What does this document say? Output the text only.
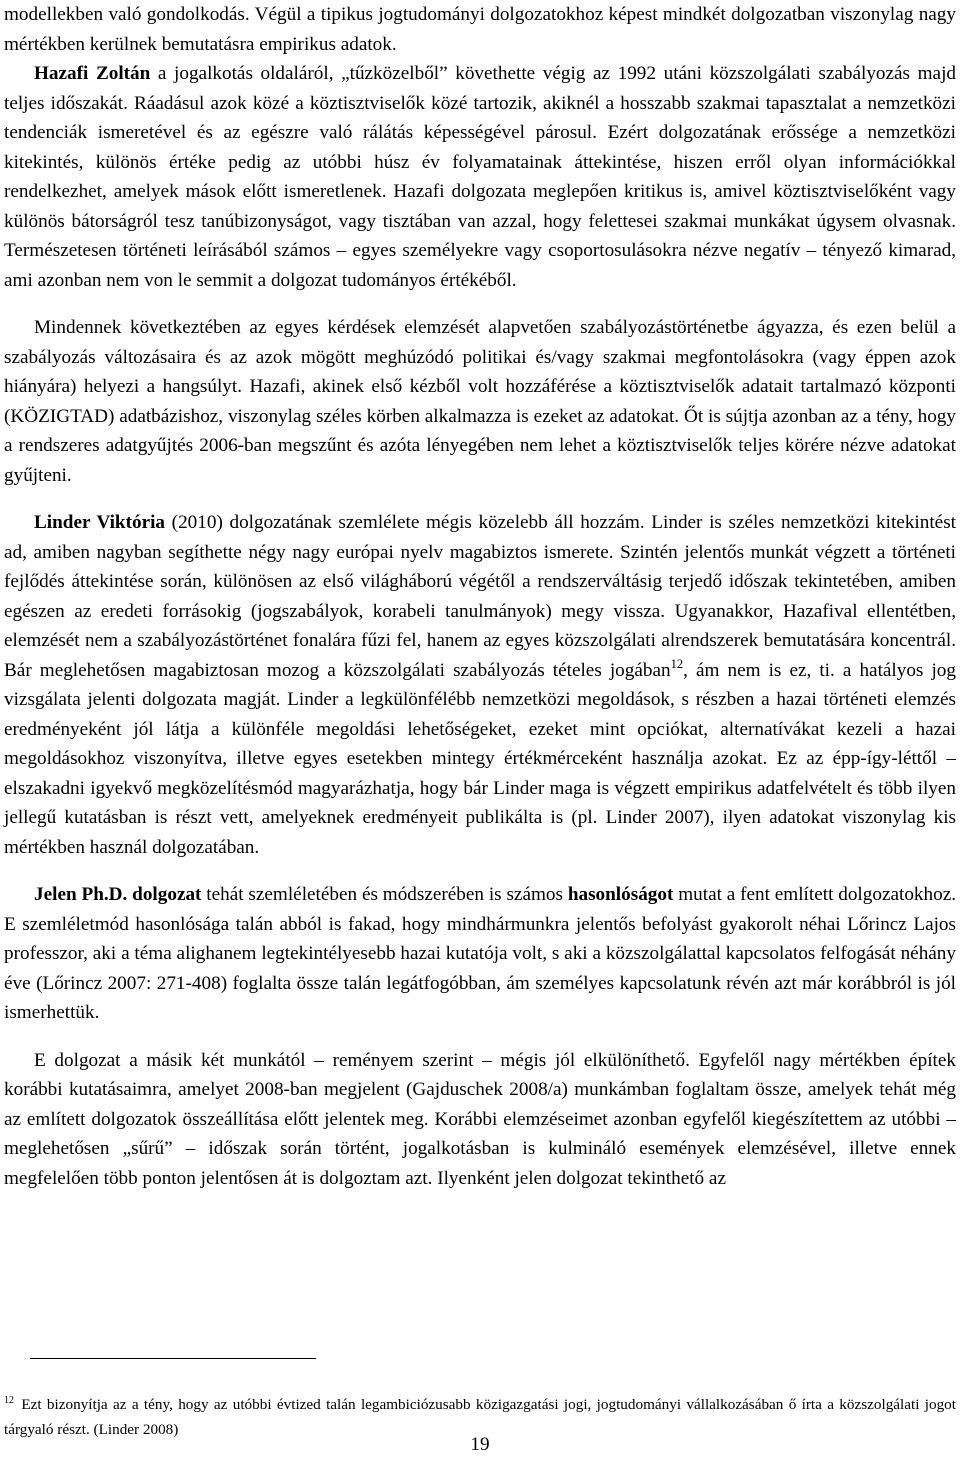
modellekben való gondolkodás. Végül a tipikus jogtudományi dolgozatokhoz képest mindkét dolgozatban viszonylag nagy mértékben kerülnek bemutatásra empirikus adatok.

Hazafi Zoltán a jogalkotás oldaláról, „tűzközelből” követhette végig az 1992 utáni közszolgálati szabályozás majd teljes időszakát. Ráadásul azok közé a köztisztviselők közé tartozik, akiknél a hosszabb szakmai tapasztalat a nemzetközi tendenciák ismeretével és az egészre való rálátás képességével párosul. Ezért dolgozatának erőssége a nemzetközi kitekintés, különös értéke pedig az utóbbi húsz év folyamatainak áttekintése, hiszen erről olyan információkkal rendelkezhet, amelyek mások előtt ismeretlenek. Hazafi dolgozata meglepően kritikus is, amivel köztisztviselőként vagy különös bátorságról tesz tanúbizonyságot, vagy tisztában van azzal, hogy felettesei szakmai munkákat úgysem olvasnak. Természetesen történeti leírásából számos – egyes személyekre vagy csoportosulásokra nézve negatív – tényező kimarad, ami azonban nem von le semmit a dolgozat tudományos értékéből.

Mindennek következtében az egyes kérdések elemzését alapvetően szabályozástörténetbe ágyazza, és ezen belül a szabályozás változásaira és az azok mögött meghúzódó politikai és/vagy szakmai megfontolásokra (vagy éppen azok hiányára) helyezi a hangsúlyt. Hazafi, akinek első kézből volt hozzáférése a köztisztviselők adatait tartalmazó központi (KÖZIGTAD) adatbázishoz, viszonylag széles körben alkalmazza is ezeket az adatokat. Őt is sújtja azonban az a tény, hogy a rendszeres adatgyűjtés 2006-ban megszűnt és azóta lényegében nem lehet a köztisztviselők teljes körére nézve adatokat gyűjteni.

Linder Viktória (2010) dolgozatának szemlélete mégis közelebb áll hozzám. Linder is széles nemzetközi kitekintést ad, amiben nagyban segíthette négy nagy európai nyelv magabiztos ismerete. Szintén jelentős munkát végzett a történeti fejlődés áttekintése során, különösen az első világháború végétől a rendszerváltásig terjedő időszak tekintetében, amiben egészen az eredeti forrásokig (jogszabályok, korabeli tanulmányok) megy vissza. Ugyanakkor, Hazafival ellentétben, elemzését nem a szabályozástörténet fonalára fűzi fel, hanem az egyes közszolgálati alrendszerek bemutatására koncentrál. Bár meglehetősen magabiztosan mozog a közszolgálati szabályozás tételes jogában$^{12}$, ám nem is ez, ti. a hatályos jog vizsgálata jelenti dolgozata magját. Linder a legkülönfélébb nemzetközi megoldások, s részben a hazai történeti elemzés eredményeként jól látja a különféle megoldási lehetőségeket, ezeket mint opciókat, alternatívákat kezeli a hazai megoldásokhoz viszonyítva, illetve egyes esetekben mintegy értékmérceként használja azokat. Ez az épp-így-léttől – elszakadni igyekvő megközelítésmód magyarázhatja, hogy bár Linder maga is végzett empirikus adatfelvételt és több ilyen jellegű kutatásban is részt vett, amelyeknek eredményeit publikálta is (pl. Linder 2007), ilyen adatokat viszonylag kis mértékben használ dolgozatában.

Jelen Ph.D. dolgozat tehát szemléletében és módszerében is számos hasonlóságot mutat a fent említett dolgozatokhoz. E szemléletmód hasonlósága talán abból is fakad, hogy mindhármunkra jelentős befolyást gyakorolt néhai Lőrincz Lajos professzor, aki a téma alighanem legtekintélyesebb hazai kutatója volt, s aki a közszolgálattal kapcsolatos felfogását néhány éve (Lőrincz 2007: 271-408) foglalta össze talán legátfogóbban, ám személyes kapcsolatunk révén azt már korábbról is jól ismerhettük.

E dolgozat a másik két munkától – reményem szerint – mégis jól elkülöníthető. Egyfelől nagy mértékben építek korábbi kutatásaimra, amelyet 2008-ban megjelent (Gajduschek 2008/a) munkámban foglaltam össze, amelyek tehát még az említett dolgozatok összeállítása előtt jelentek meg. Korábbi elemzéseimet azonban egyfelől kiegészítettem az utóbbi – meglehetősen „sűrű” – időszak során történt, jogalkotásban is kulmináló események elemzésével, illetve ennek megfelelően több ponton jelentősen át is dolgoztam azt. Ilyenként jelen dolgozat tekinthető az

$^{12}$ Ezt bizonyítja az a tény, hogy az utóbbi évtized talán legambiciózusabb közigazgatási jogi, jogtudományi vállalkozásában ő írta a közszolgálati jogot tárgyaló részt. (Linder 2008)

19
